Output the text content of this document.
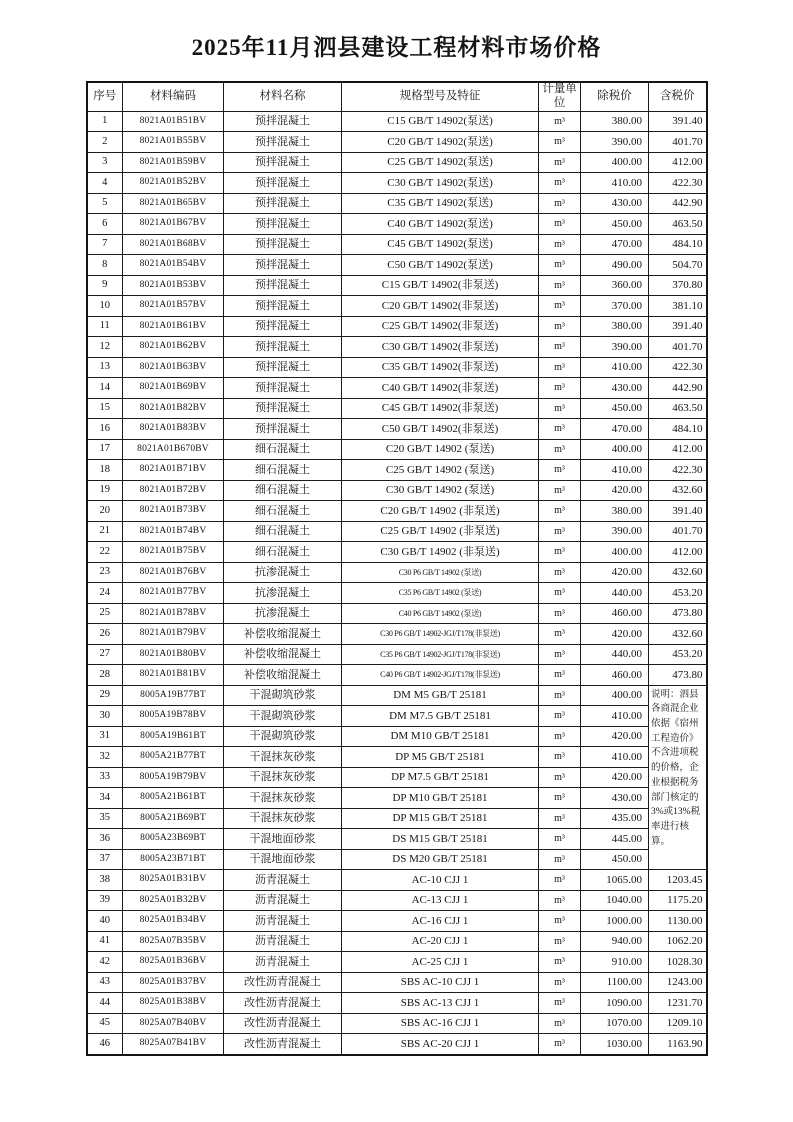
2025年11月泗县建设工程材料市场价格
序号	材料编码	材料名称	规格型号及特征	计量单位	除税价	含税价
1	8021A01B51BV	预拌混凝土	C15 GB/T 14902(泵送)	m³	380.00	391.40
2	8021A01B55BV	预拌混凝土	C20 GB/T 14902(泵送)	m³	390.00	401.70
3	8021A01B59BV	预拌混凝土	C25 GB/T 14902(泵送)	m³	400.00	412.00
4	8021A01B52BV	预拌混凝土	C30 GB/T 14902(泵送)	m³	410.00	422.30
5	8021A01B65BV	预拌混凝土	C35 GB/T 14902(泵送)	m³	430.00	442.90
6	8021A01B67BV	预拌混凝土	C40 GB/T 14902(泵送)	m³	450.00	463.50
7	8021A01B68BV	预拌混凝土	C45 GB/T 14902(泵送)	m³	470.00	484.10
8	8021A01B54BV	预拌混凝土	C50 GB/T 14902(泵送)	m³	490.00	504.70
9	8021A01B53BV	预拌混凝土	C15 GB/T 14902(非泵送)	m³	360.00	370.80
10	8021A01B57BV	预拌混凝土	C20 GB/T 14902(非泵送)	m³	370.00	381.10
11	8021A01B61BV	预拌混凝土	C25 GB/T 14902(非泵送)	m³	380.00	391.40
12	8021A01B62BV	预拌混凝土	C30 GB/T 14902(非泵送)	m³	390.00	401.70
13	8021A01B63BV	预拌混凝土	C35 GB/T 14902(非泵送)	m³	410.00	422.30
14	8021A01B69BV	预拌混凝土	C40 GB/T 14902(非泵送)	m³	430.00	442.90
15	8021A01B82BV	预拌混凝土	C45 GB/T 14902(非泵送)	m³	450.00	463.50
16	8021A01B83BV	预拌混凝土	C50 GB/T 14902(非泵送)	m³	470.00	484.10
17	8021A01B670BV	细石混凝土	C20 GB/T 14902 (泵送)	m³	400.00	412.00
18	8021A01B71BV	细石混凝土	C25 GB/T 14902 (泵送)	m³	410.00	422.30
19	8021A01B72BV	细石混凝土	C30 GB/T 14902 (泵送)	m³	420.00	432.60
20	8021A01B73BV	细石混凝土	C20 GB/T 14902 (非泵送)	m³	380.00	391.40
21	8021A01B74BV	细石混凝土	C25 GB/T 14902 (非泵送)	m³	390.00	401.70
22	8021A01B75BV	细石混凝土	C30 GB/T 14902 (非泵送)	m³	400.00	412.00
23	8021A01B76BV	抗渗混凝土	C30 P6 GB/T 14902 (泵送)	m³	420.00	432.60
24	8021A01B77BV	抗渗混凝土	C35 P6 GB/T 14902 (泵送)	m³	440.00	453.20
25	8021A01B78BV	抗渗混凝土	C40 P6 GB/T 14902 (泵送)	m³	460.00	473.80
26	8021A01B79BV	补偿收缩混凝土	C30 P6 GB/T 14902-JGJ/T178(非泵送)	m³	420.00	432.60
27	8021A01B80BV	补偿收缩混凝土	C35 P6 GB/T 14902-JGJ/T178(非泵送)	m³	440.00	453.20
28	8021A01B81BV	补偿收缩混凝土	C40 P6 GB/T 14902-JGJ/T178(非泵送)	m³	460.00	473.80
29	8005A19B77BT	干混砌筑砂浆	DM M5 GB/T 25181	m³	400.00	说明：泗县各商混企业依据《宿州工程造价》不含进项税的价格，企业根据税务部门核定的3%或13%税率进行核算。
30	8005A19B78BV	干混砌筑砂浆	DM M7.5 GB/T 25181	m³	410.00	
31	8005A19B61BT	干混砌筑砂浆	DM M10 GB/T 25181	m³	420.00	
32	8005A21B77BT	干混抹灰砂浆	DP M5 GB/T 25181	m³	410.00	
33	8005A19B79BV	干混抹灰砂浆	DP M7.5 GB/T 25181	m³	420.00	
34	8005A21B61BT	干混抹灰砂浆	DP M10 GB/T 25181	m³	430.00	
35	8005A21B69BT	干混抹灰砂浆	DP M15 GB/T 25181	m³	435.00	
36	8005A23B69BT	干混地面砂浆	DS M15 GB/T 25181	m³	445.00	
37	8005A23B71BT	干混地面砂浆	DS M20 GB/T 25181	m³	450.00	
38	8025A01B31BV	沥青混凝土	AC-10 CJJ 1	m³	1065.00	1203.45
39	8025A01B32BV	沥青混凝土	AC-13 CJJ 1	m³	1040.00	1175.20
40	8025A01B34BV	沥青混凝土	AC-16 CJJ 1	m³	1000.00	1130.00
41	8025A07B35BV	沥青混凝土	AC-20 CJJ 1	m³	940.00	1062.20
42	8025A01B36BV	沥青混凝土	AC-25 CJJ 1	m³	910.00	1028.30
43	8025A01B37BV	改性沥青混凝土	SBS AC-10 CJJ 1	m³	1100.00	1243.00
44	8025A01B38BV	改性沥青混凝土	SBS AC-13 CJJ 1	m³	1090.00	1231.70
45	8025A07B40BV	改性沥青混凝土	SBS AC-16 CJJ 1	m³	1070.00	1209.10
46	8025A07B41BV	改性沥青混凝土	SBS AC-20 CJJ 1	m³	1030.00	1163.90
